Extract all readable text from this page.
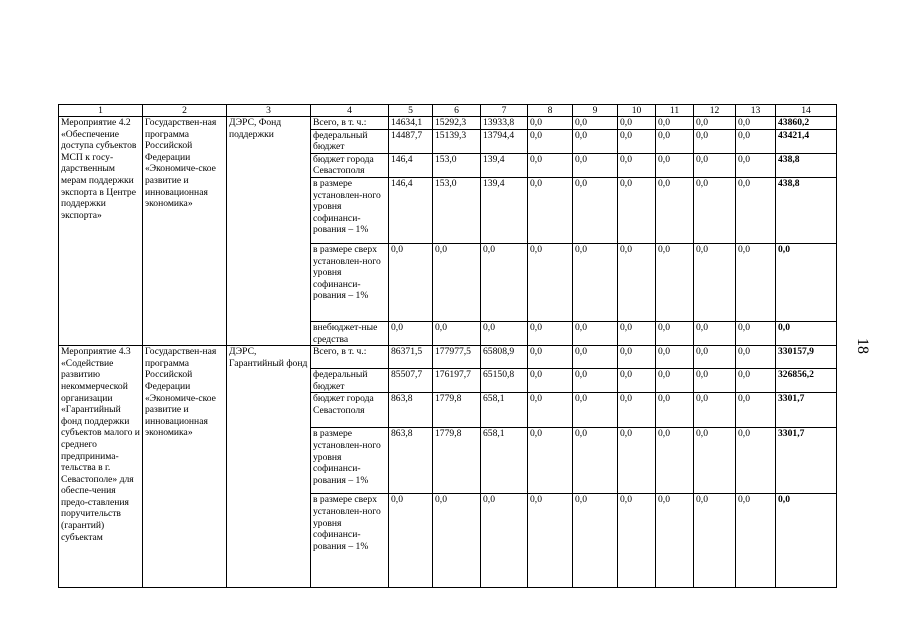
1	2	3	4	5	6	7	8	9	10	11	12	13	14
Мероприятие 4.2 «Обеспечение доступа субъектов МСП к госу-дарственным мерам поддержки экспорта в Центре поддержки экспорта»	Государствен-ная программа Российской Федерации «Экономиче-ское развитие и инновационная экономика»	ДЭРС, Фонд поддержки	Всего, в т. ч.:	14634,1	15292,3	13933,8	0,0	0,0	0,0	0,0	0,0	0,0	43860,2
			федеральный бюджет	14487,7	15139,3	13794,4	0,0	0,0	0,0	0,0	0,0	0,0	43421,4
			бюджет города Севастополя	146,4	153,0	139,4	0,0	0,0	0,0	0,0	0,0	0,0	438,8
			в размере установлен-ного уровня софинанси-рования – 1%	146,4	153,0	139,4	0,0	0,0	0,0	0,0	0,0	0,0	438,8
			в размере сверх установлен-ного уровня софинанси-рования – 1%	0,0	0,0	0,0	0,0	0,0	0,0	0,0	0,0	0,0	0,0
			внебюджет-ные средства	0,0	0,0	0,0	0,0	0,0	0,0	0,0	0,0	0,0	0,0
Мероприятие 4.3 «Содействие развитию некоммерческой организации «Гарантийный фонд поддержки субъектов малого и среднего предпринима-тельства в г. Севастополе» для обеспе-чения предо-ставления поручительств (гарантий) субъектам	Государствен-ная программа Российской Федерации «Экономиче-ское развитие и инновационная экономика»	ДЭРС, Гарантийный фонд	Всего, в т. ч.:	86371,5	177977,5	65808,9	0,0	0,0	0,0	0,0	0,0	0,0	330157,9
			федеральный бюджет	85507,7	176197,7	65150,8	0,0	0,0	0,0	0,0	0,0	0,0	326856,2
			бюджет города Севастополя	863,8	1779,8	658,1	0,0	0,0	0,0	0,0	0,0	0,0	3301,7
			в размере установлен-ного уровня софинанси-рования – 1%	863,8	1779,8	658,1	0,0	0,0	0,0	0,0	0,0	0,0	3301,7
			в размере сверх установлен-ного уровня софинанси-рования – 1%	0,0	0,0	0,0	0,0	0,0	0,0	0,0	0,0	0,0	0,0
18
